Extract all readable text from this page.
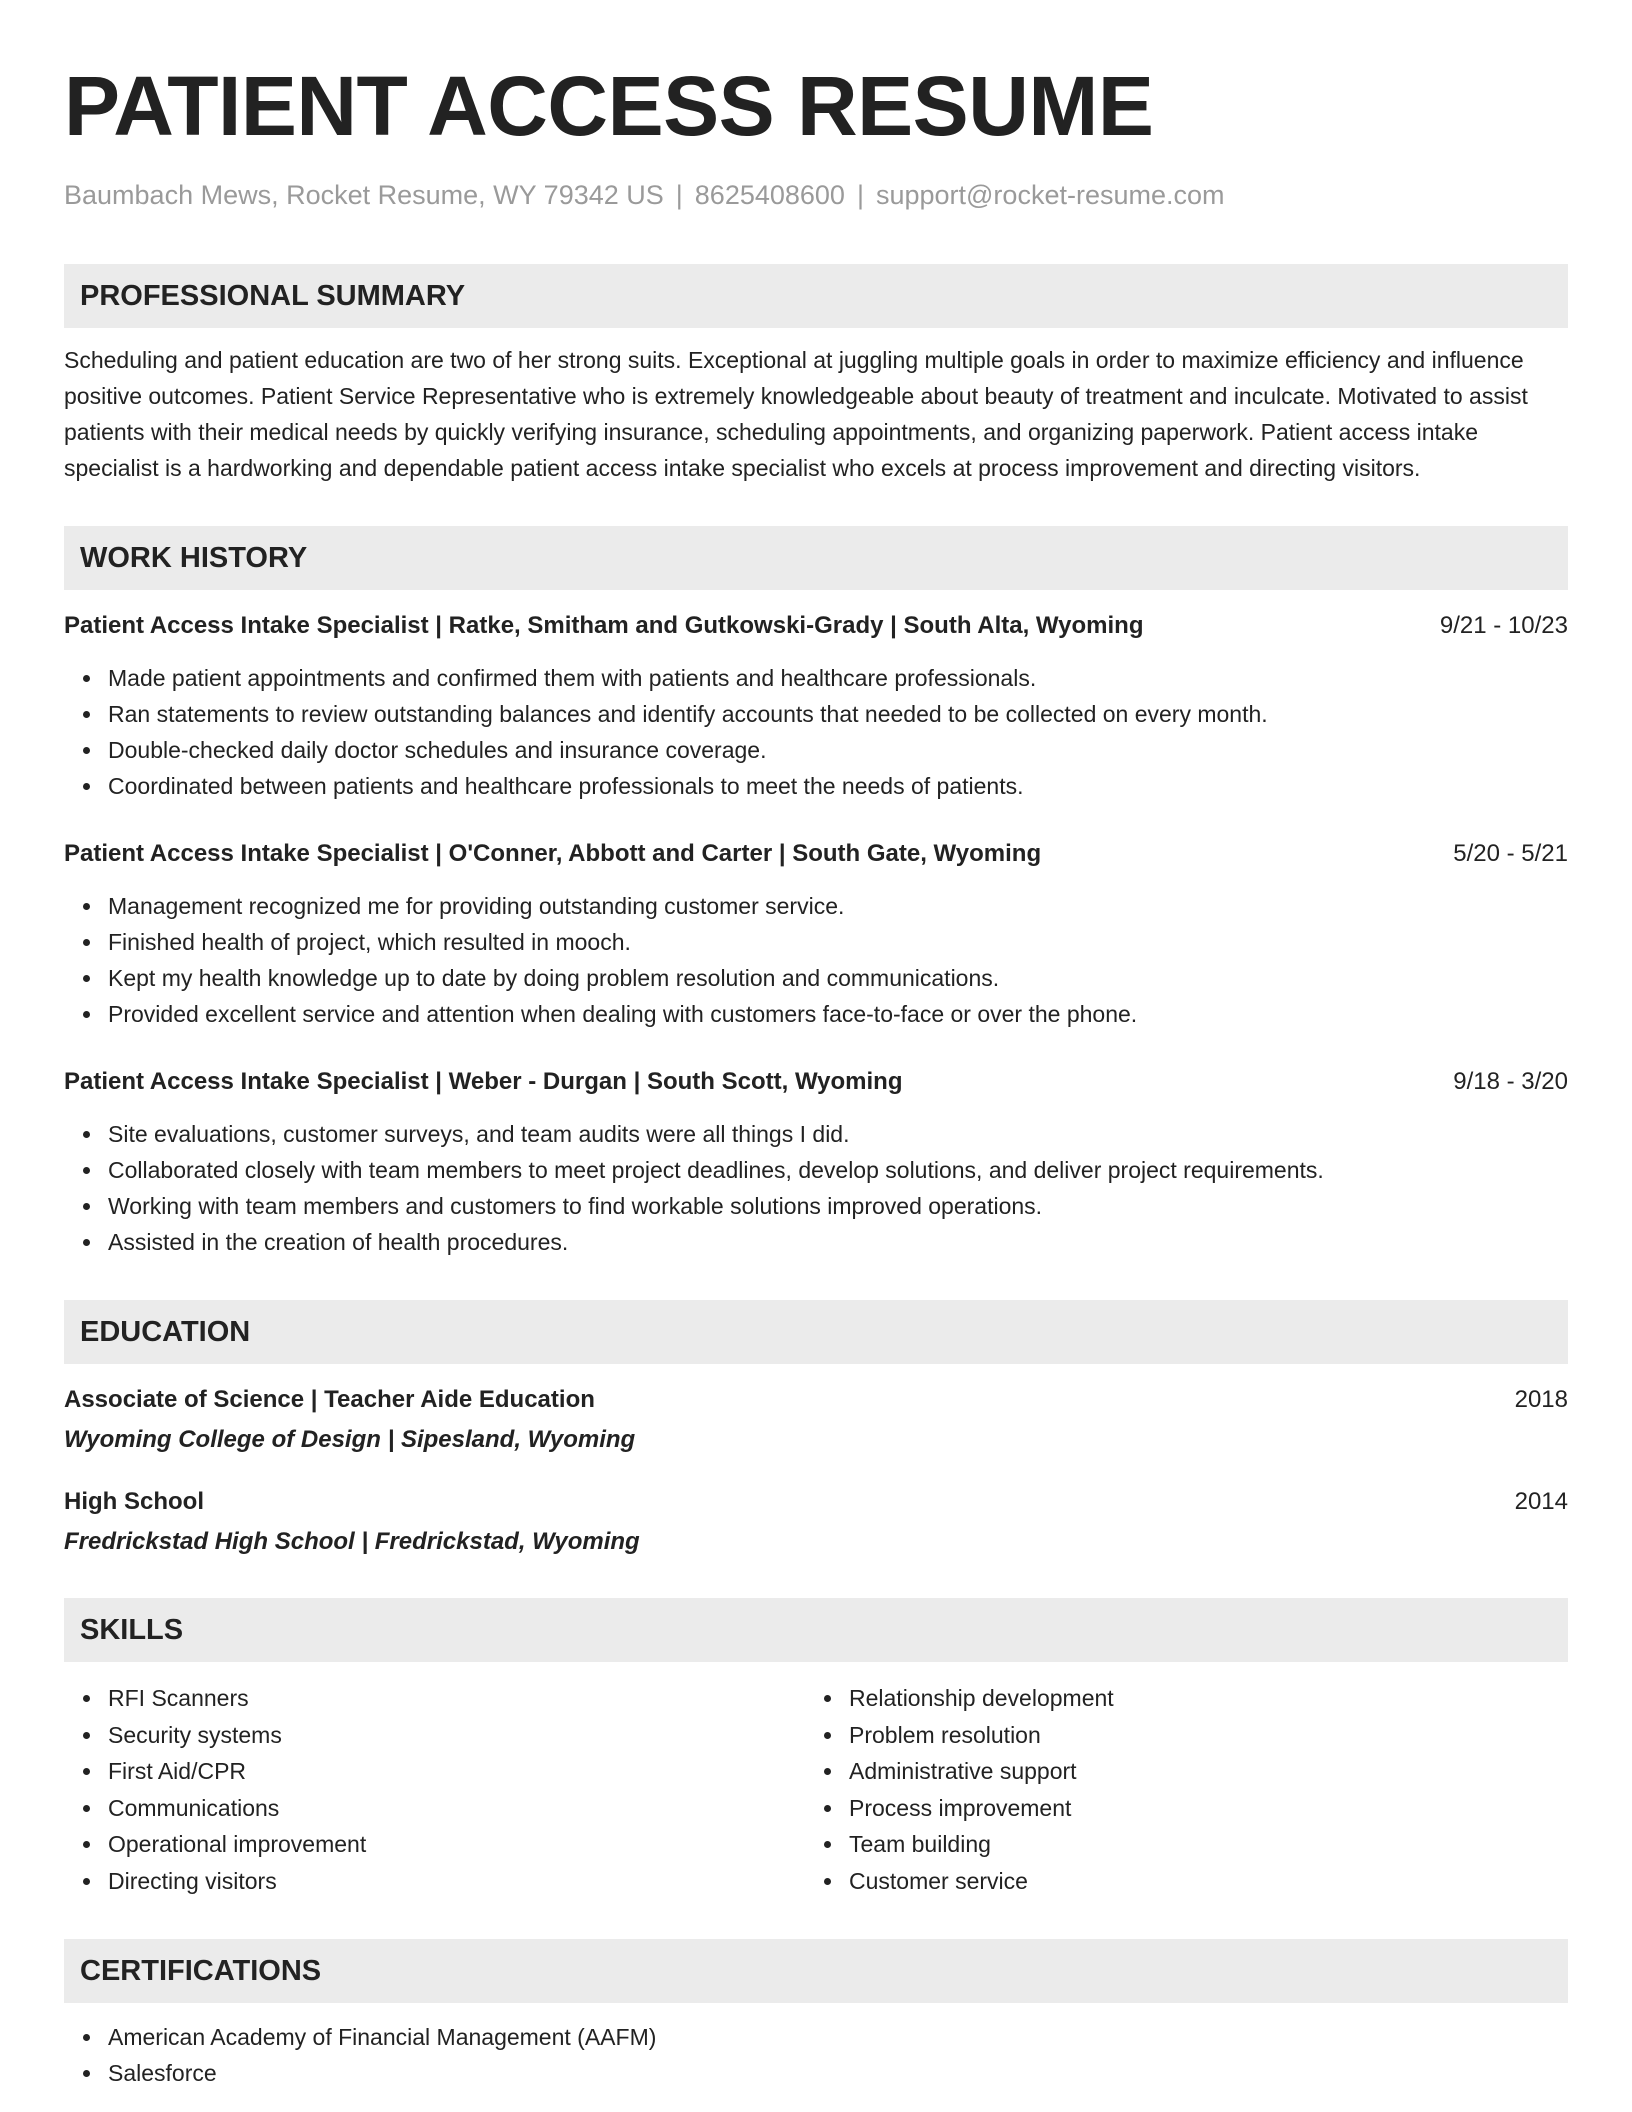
PATIENT ACCESS RESUME
Baumbach Mews, Rocket Resume, WY 79342 US | 8625408600 | support@rocket-resume.com
PROFESSIONAL SUMMARY
Scheduling and patient education are two of her strong suits. Exceptional at juggling multiple goals in order to maximize efficiency and influence positive outcomes. Patient Service Representative who is extremely knowledgeable about beauty of treatment and inculcate. Motivated to assist patients with their medical needs by quickly verifying insurance, scheduling appointments, and organizing paperwork. Patient access intake specialist is a hardworking and dependable patient access intake specialist who excels at process improvement and directing visitors.
WORK HISTORY
Patient Access Intake Specialist | Ratke, Smitham and Gutkowski-Grady | South Alta, Wyoming	9/21 - 10/23
Made patient appointments and confirmed them with patients and healthcare professionals.
Ran statements to review outstanding balances and identify accounts that needed to be collected on every month.
Double-checked daily doctor schedules and insurance coverage.
Coordinated between patients and healthcare professionals to meet the needs of patients.
Patient Access Intake Specialist | O'Conner, Abbott and Carter | South Gate, Wyoming	5/20 - 5/21
Management recognized me for providing outstanding customer service.
Finished health of project, which resulted in mooch.
Kept my health knowledge up to date by doing problem resolution and communications.
Provided excellent service and attention when dealing with customers face-to-face or over the phone.
Patient Access Intake Specialist | Weber - Durgan | South Scott, Wyoming	9/18 - 3/20
Site evaluations, customer surveys, and team audits were all things I did.
Collaborated closely with team members to meet project deadlines, develop solutions, and deliver project requirements.
Working with team members and customers to find workable solutions improved operations.
Assisted in the creation of health procedures.
EDUCATION
Associate of Science | Teacher Aide Education	2018
Wyoming College of Design | Sipesland, Wyoming
High School	2014
Fredrickstad High School | Fredrickstad, Wyoming
SKILLS
RFI Scanners
Security systems
First Aid/CPR
Communications
Operational improvement
Directing visitors
Relationship development
Problem resolution
Administrative support
Process improvement
Team building
Customer service
CERTIFICATIONS
American Academy of Financial Management (AAFM)
Salesforce
